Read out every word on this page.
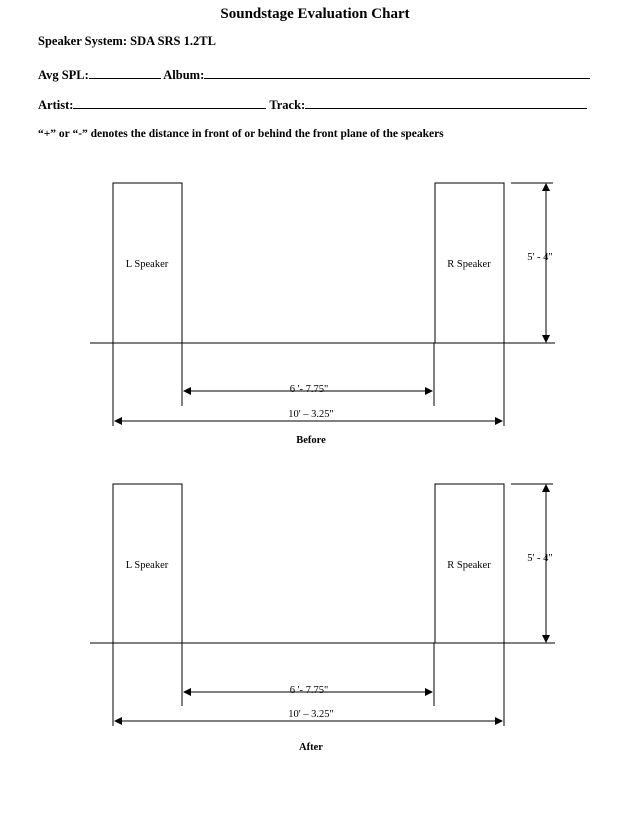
Soundstage Evaluation Chart
Speaker System: SDA SRS 1.2TL
Avg SPL:	Album:
Artist:	Track:
“+” or “-” denotes the distance in front of or behind the front plane of the speakers
L Speaker	R Speaker
5' - 4"
6 '- 7.75"
10' – 3.25"
Before
L Speaker	R Speaker
5' - 4"
6 '- 7.75"
10' – 3.25"
After
